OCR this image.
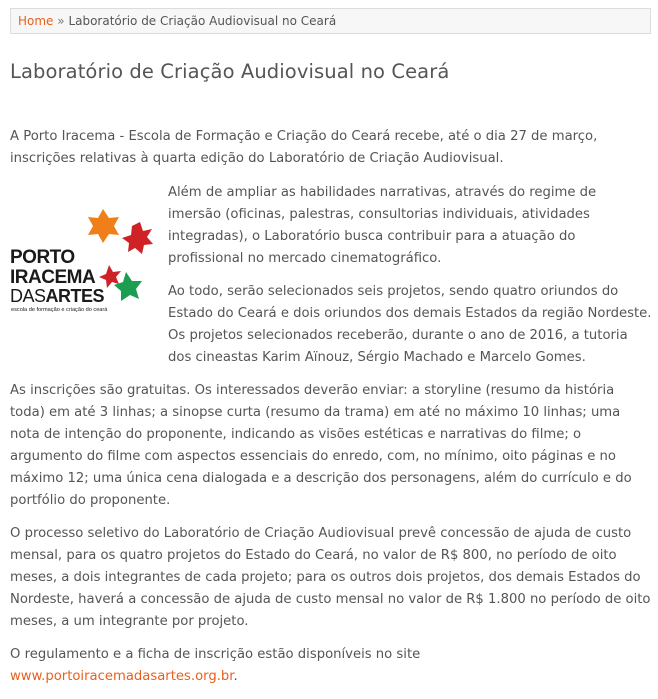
Home » Laboratório de Criação Audiovisual no Ceará
Laboratório de Criação Audiovisual no Ceará

A Porto Iracema - Escola de Formação e Criação do Ceará recebe, até o dia 27 de março, inscrições relativas à quarta edição do Laboratório de Criação Audiovisual.

PORTO
IRACEMA
DASARTES
escola de formação e criação do ceará

Além de ampliar as habilidades narrativas, através do regime de imersão (oficinas, palestras, consultorias individuais, atividades integradas), o Laboratório busca contribuir para a atuação do profissional no mercado cinematográfico.

Ao todo, serão selecionados seis projetos, sendo quatro oriundos do Estado do Ceará e dois oriundos dos demais Estados da região Nordeste. Os projetos selecionados receberão, durante o ano de 2016, a tutoria dos cineastas Karim Aïnouz, Sérgio Machado e Marcelo Gomes.

As inscrições são gratuitas. Os interessados deverão enviar: a storyline (resumo da história toda) em até 3 linhas; a sinopse curta (resumo da trama) em até no máximo 10 linhas; uma nota de intenção do proponente, indicando as visões estéticas e narrativas do filme; o argumento do filme com aspectos essenciais do enredo, com, no mínimo, oito páginas e no máximo 12; uma única cena dialogada e a descrição dos personagens, além do currículo e do portfólio do proponente.

O processo seletivo do Laboratório de Criação Audiovisual prevê concessão de ajuda de custo mensal, para os quatro projetos do Estado do Ceará, no valor de R$ 800, no período de oito meses, a dois integrantes de cada projeto; para os outros dois projetos, dos demais Estados do Nordeste, haverá a concessão de ajuda de custo mensal no valor de R$ 1.800 no período de oito meses, a um integrante por projeto.

O regulamento e a ficha de inscrição estão disponíveis no site www.portoiracemadasartes.org.br.
